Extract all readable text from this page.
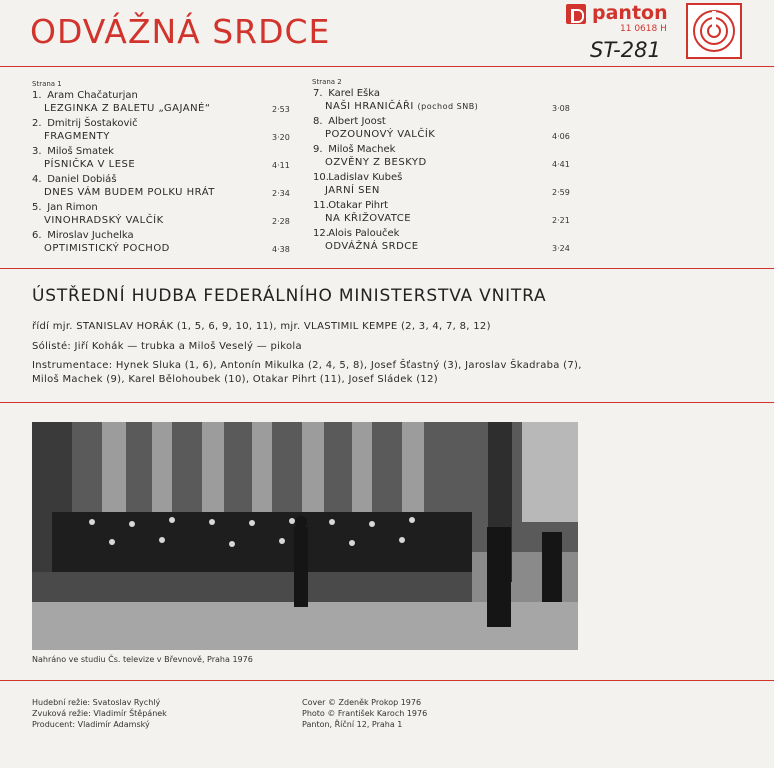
ODVÁŽNÁ SRDCE	panton
11 0618 H
ST-281
Strana 1	Strana 2
1. Aram Chačaturjan
LEZGINKA Z BALETU „GAJANÉ“	2·53
2. Dmitrij Šostakovič
FRAGMENTY	3·20
3. Miloš Smatek
PÍSNIČKA V LESE	4·11
4. Daniel Dobiáš
DNES VÁM BUDEM POLKU HRÁT	2·34
5. Jan Rimon
VINOHRADSKÝ VALČÍK	2·28
6. Miroslav Juchelka
OPTIMISTICKÝ POCHOD	4·38
7. Karel Eška
NAŠI HRANIČÁŘI (pochod SNB)	3·08
8. Albert Joost
POZOUNOVÝ VALČÍK	4·06
9. Miloš Machek
OZVĚNY Z BESKYD	4·41
10. Ladislav Kubeš
JARNÍ SEN	2·59
11. Otakar Pihrt
NA KŘIŽOVATCE	2·21
12. Alois Palouček
ODVÁŽNÁ SRDCE	3·24
ÚSTŘEDNÍ HUDBA FEDERÁLNÍHO MINISTERSTVA VNITRA
řídí mjr. STANISLAV HORÁK (1, 5, 6, 9, 10, 11), mjr. VLASTIMIL KEMPE (2, 3, 4, 7, 8, 12)
Sólisté: Jiří Kohák — trubka a Miloš Veselý — pikola
Instrumentace: Hynek Sluka (1, 6), Antonín Mikulka (2, 4, 5, 8), Josef Šťastný (3), Jaroslav Škadraba (7),
Miloš Machek (9), Karel Bělohoubek (10), Otakar Pihrt (11), Josef Sládek (12)
Nahráno ve studiu Čs. televize v Břevnově, Praha 1976
Hudební režie: Svatoslav Rychlý
Zvuková režie: Vladimír Štěpánek
Producent: Vladimír Adamský
Cover © Zdeněk Prokop 1976
Photo © František Karoch 1976
Panton, Říční 12, Praha 1
